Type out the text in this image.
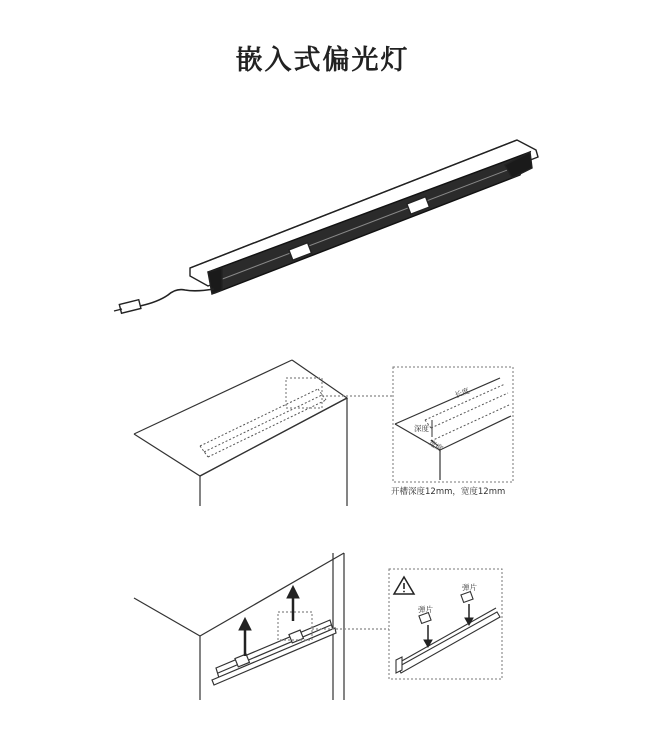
嵌入式偏光灯
长度
深度
宽度
开槽深度12mm，宽度12mm
弹片
弹片
